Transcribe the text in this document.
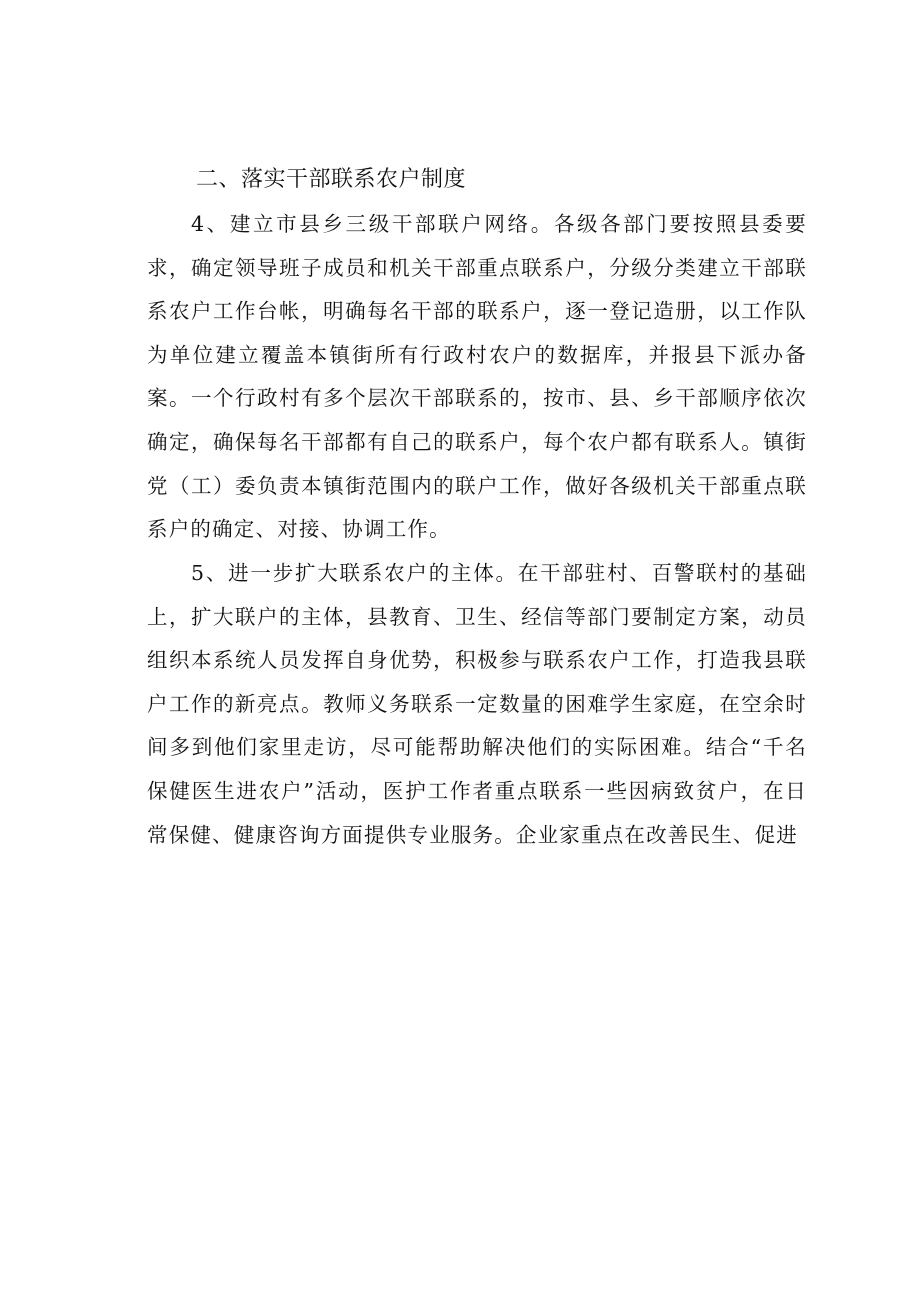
二、落实干部联系农户制度

4、建立市县乡三级干部联户网络。各级各部门要按照县委要求，确定领导班子成员和机关干部重点联系户，分级分类建立干部联系农户工作台帐，明确每名干部的联系户，逐一登记造册，以工作队为单位建立覆盖本镇街所有行政村农户的数据库，并报县下派办备案。一个行政村有多个层次干部联系的，按市、县、乡干部顺序依次确定，确保每名干部都有自己的联系户，每个农户都有联系人。镇街党（工）委负责本镇街范围内的联户工作，做好各级机关干部重点联系户的确定、对接、协调工作。

5、进一步扩大联系农户的主体。在干部驻村、百警联村的基础上，扩大联户的主体，县教育、卫生、经信等部门要制定方案，动员组织本系统人员发挥自身优势，积极参与联系农户工作，打造我县联户工作的新亮点。教师义务联系一定数量的困难学生家庭，在空余时间多到他们家里走访，尽可能帮助解决他们的实际困难。结合“千名保健医生进农户”活动，医护工作者重点联系一些因病致贫户，在日常保健、健康咨询方面提供专业服务。企业家重点在改善民生、促进
